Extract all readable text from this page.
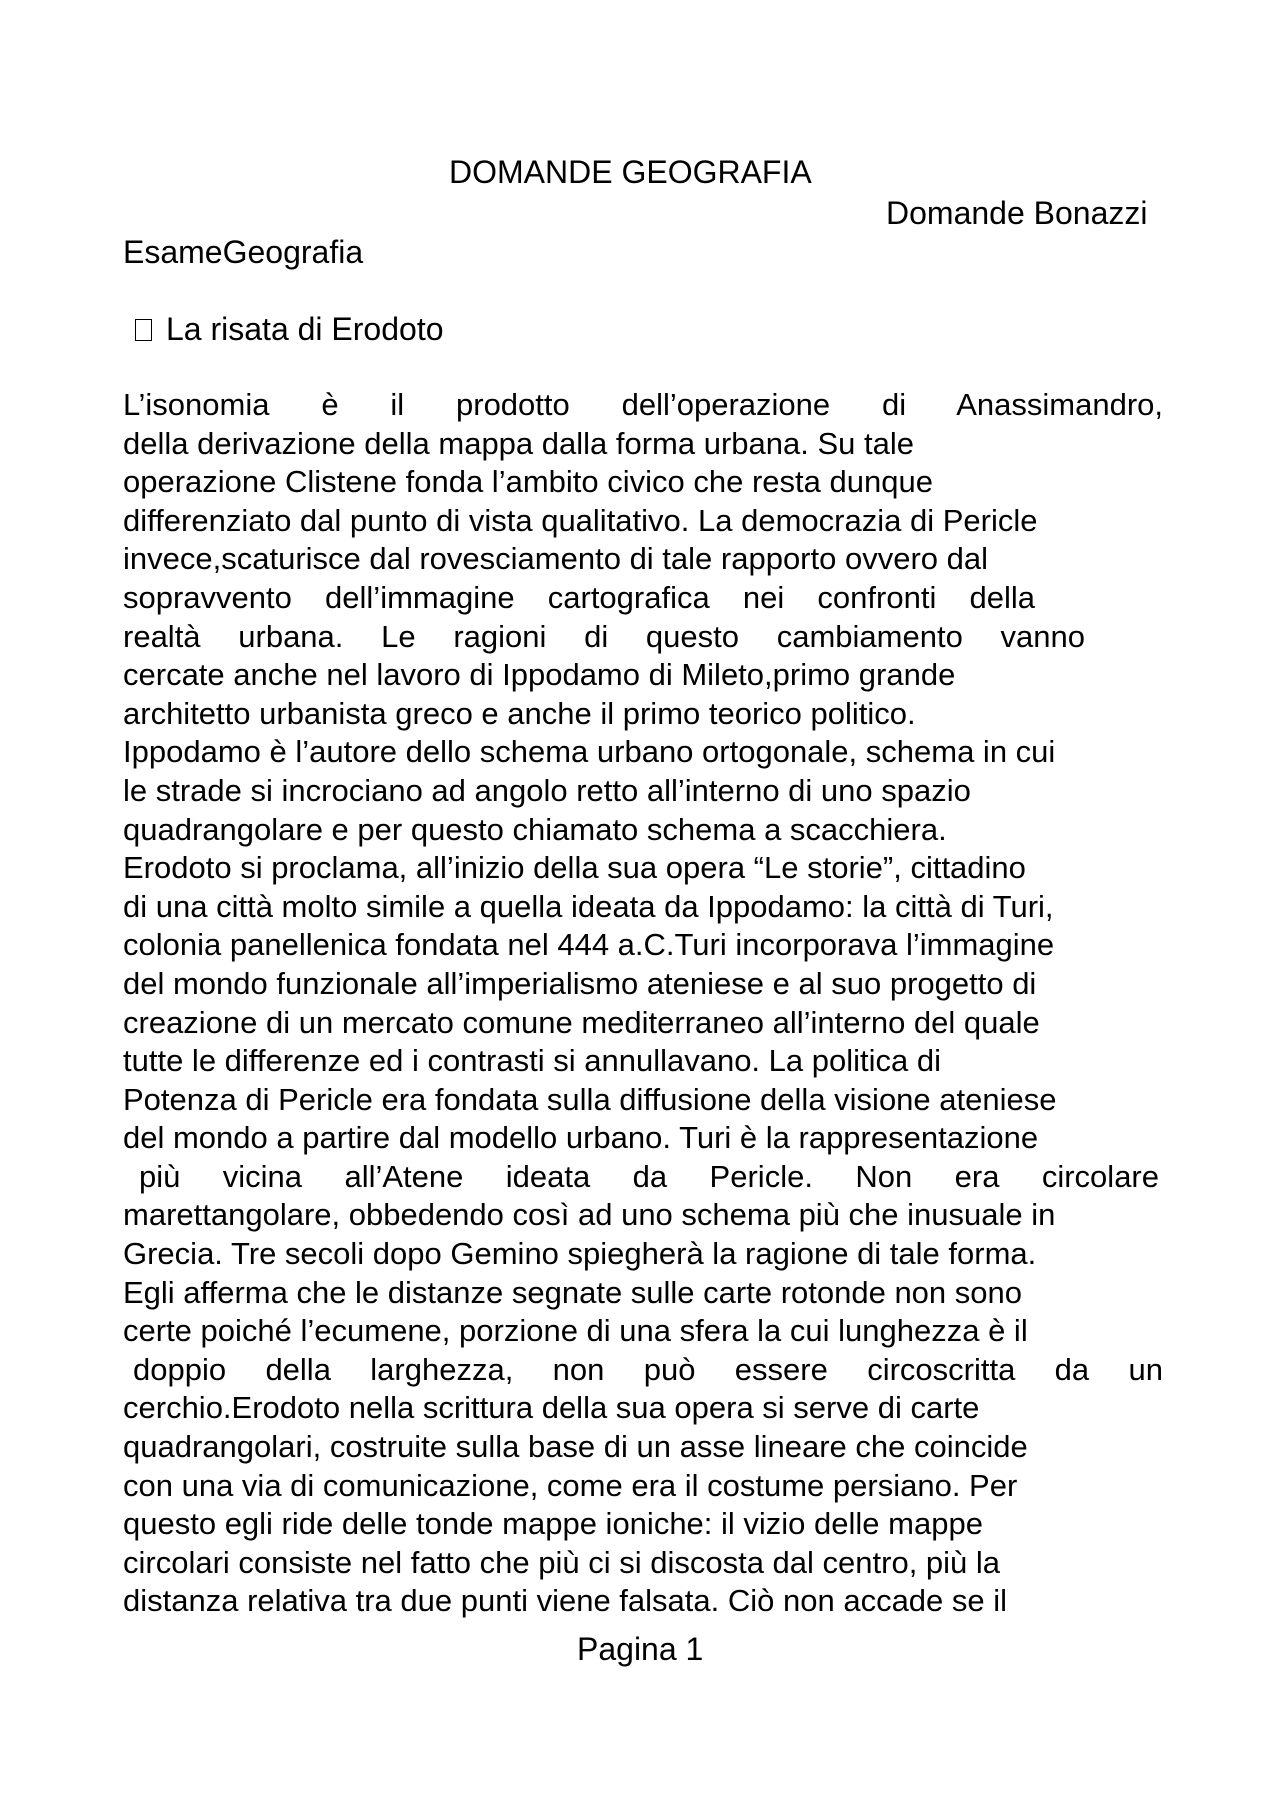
DOMANDE GEOGRAFIA
Domande Bonazzi
EsameGeografia
La risata di Erodoto
L’isonomia è il prodotto dell’operazione di Anassimandro,
della derivazione della mappa dalla forma urbana. Su tale
operazione Clistene fonda l’ambito civico che resta dunque
differenziato dal punto di vista qualitativo. La democrazia di Pericle
invece,scaturisce dal rovesciamento di tale rapporto ovvero dal
sopravvento dell’immagine cartografica nei confronti della
realtà urbana. Le ragioni di questo cambiamento vanno
cercate anche nel lavoro di Ippodamo di Mileto,primo grande
architetto urbanista greco e anche il primo teorico politico.
Ippodamo è l’autore dello schema urbano ortogonale, schema in cui
le strade si incrociano ad angolo retto all’interno di uno spazio
quadrangolare e per questo chiamato schema a scacchiera.
Erodoto si proclama, all’inizio della sua opera “Le storie”, cittadino
di una città molto simile a quella ideata da Ippodamo: la città di Turi,
colonia panellenica fondata nel 444 a.C.Turi incorporava l’immagine
del mondo funzionale all’imperialismo ateniese e al suo progetto di
creazione di un mercato comune mediterraneo all’interno del quale
tutte le differenze ed i contrasti si annullavano. La politica di
Potenza di Pericle era fondata sulla diffusione della visione ateniese
del mondo a partire dal modello urbano. Turi è la rappresentazione
più vicina all’Atene ideata da Pericle. Non era circolare
marettangolare, obbedendo così ad uno schema più che inusuale in
Grecia. Tre secoli dopo Gemino spiegherà la ragione di tale forma.
Egli afferma che le distanze segnate sulle carte rotonde non sono
certe poiché l’ecumene, porzione di una sfera la cui lunghezza è il
doppio della larghezza, non può essere circoscritta da un
cerchio.Erodoto nella scrittura della sua opera si serve di carte
quadrangolari, costruite sulla base di un asse lineare che coincide
con una via di comunicazione, come era il costume persiano. Per
questo egli ride delle tonde mappe ioniche: il vizio delle mappe
circolari consiste nel fatto che più ci si discosta dal centro, più la
distanza relativa tra due punti viene falsata. Ciò non accade se il
Pagina 1
